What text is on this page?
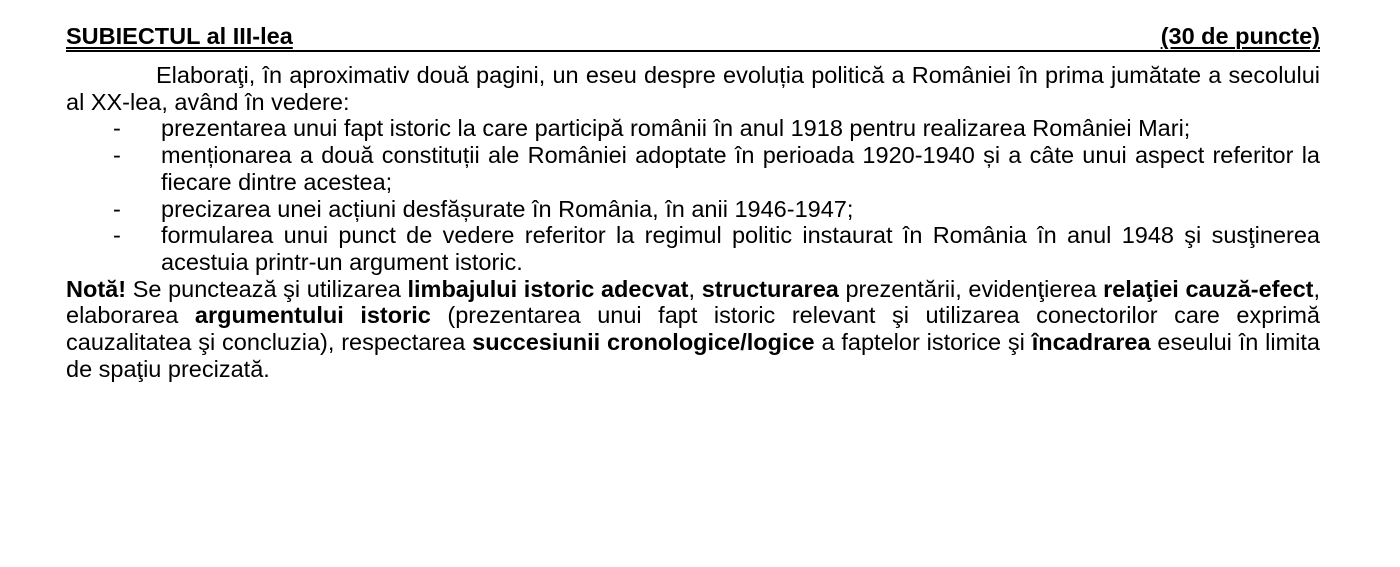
SUBIECTUL al III-lea	(30 de puncte)

Elaboraţi, în aproximativ două pagini, un eseu despre evoluția politică a României în prima jumătate a secolului al XX-lea, având în vedere:

- prezentarea unui fapt istoric la care participă românii în anul 1918 pentru realizarea României Mari;
- menționarea a două constituții ale României adoptate în perioada 1920-1940 și a câte unui aspect referitor la fiecare dintre acestea;
- precizarea unei acțiuni desfășurate în România, în anii 1946-1947;
- formularea unui punct de vedere referitor la regimul politic instaurat în România în anul 1948 şi susţinerea acestuia printr-un argument istoric.

Notă! Se punctează şi utilizarea limbajului istoric adecvat, structurarea prezentării, evidenţierea relaţiei cauză-efect, elaborarea argumentului istoric (prezentarea unui fapt istoric relevant şi utilizarea conectorilor care exprimă cauzalitatea şi concluzia), respectarea succesiunii cronologice/logice a faptelor istorice şi încadrarea eseului în limita de spaţiu precizată.
